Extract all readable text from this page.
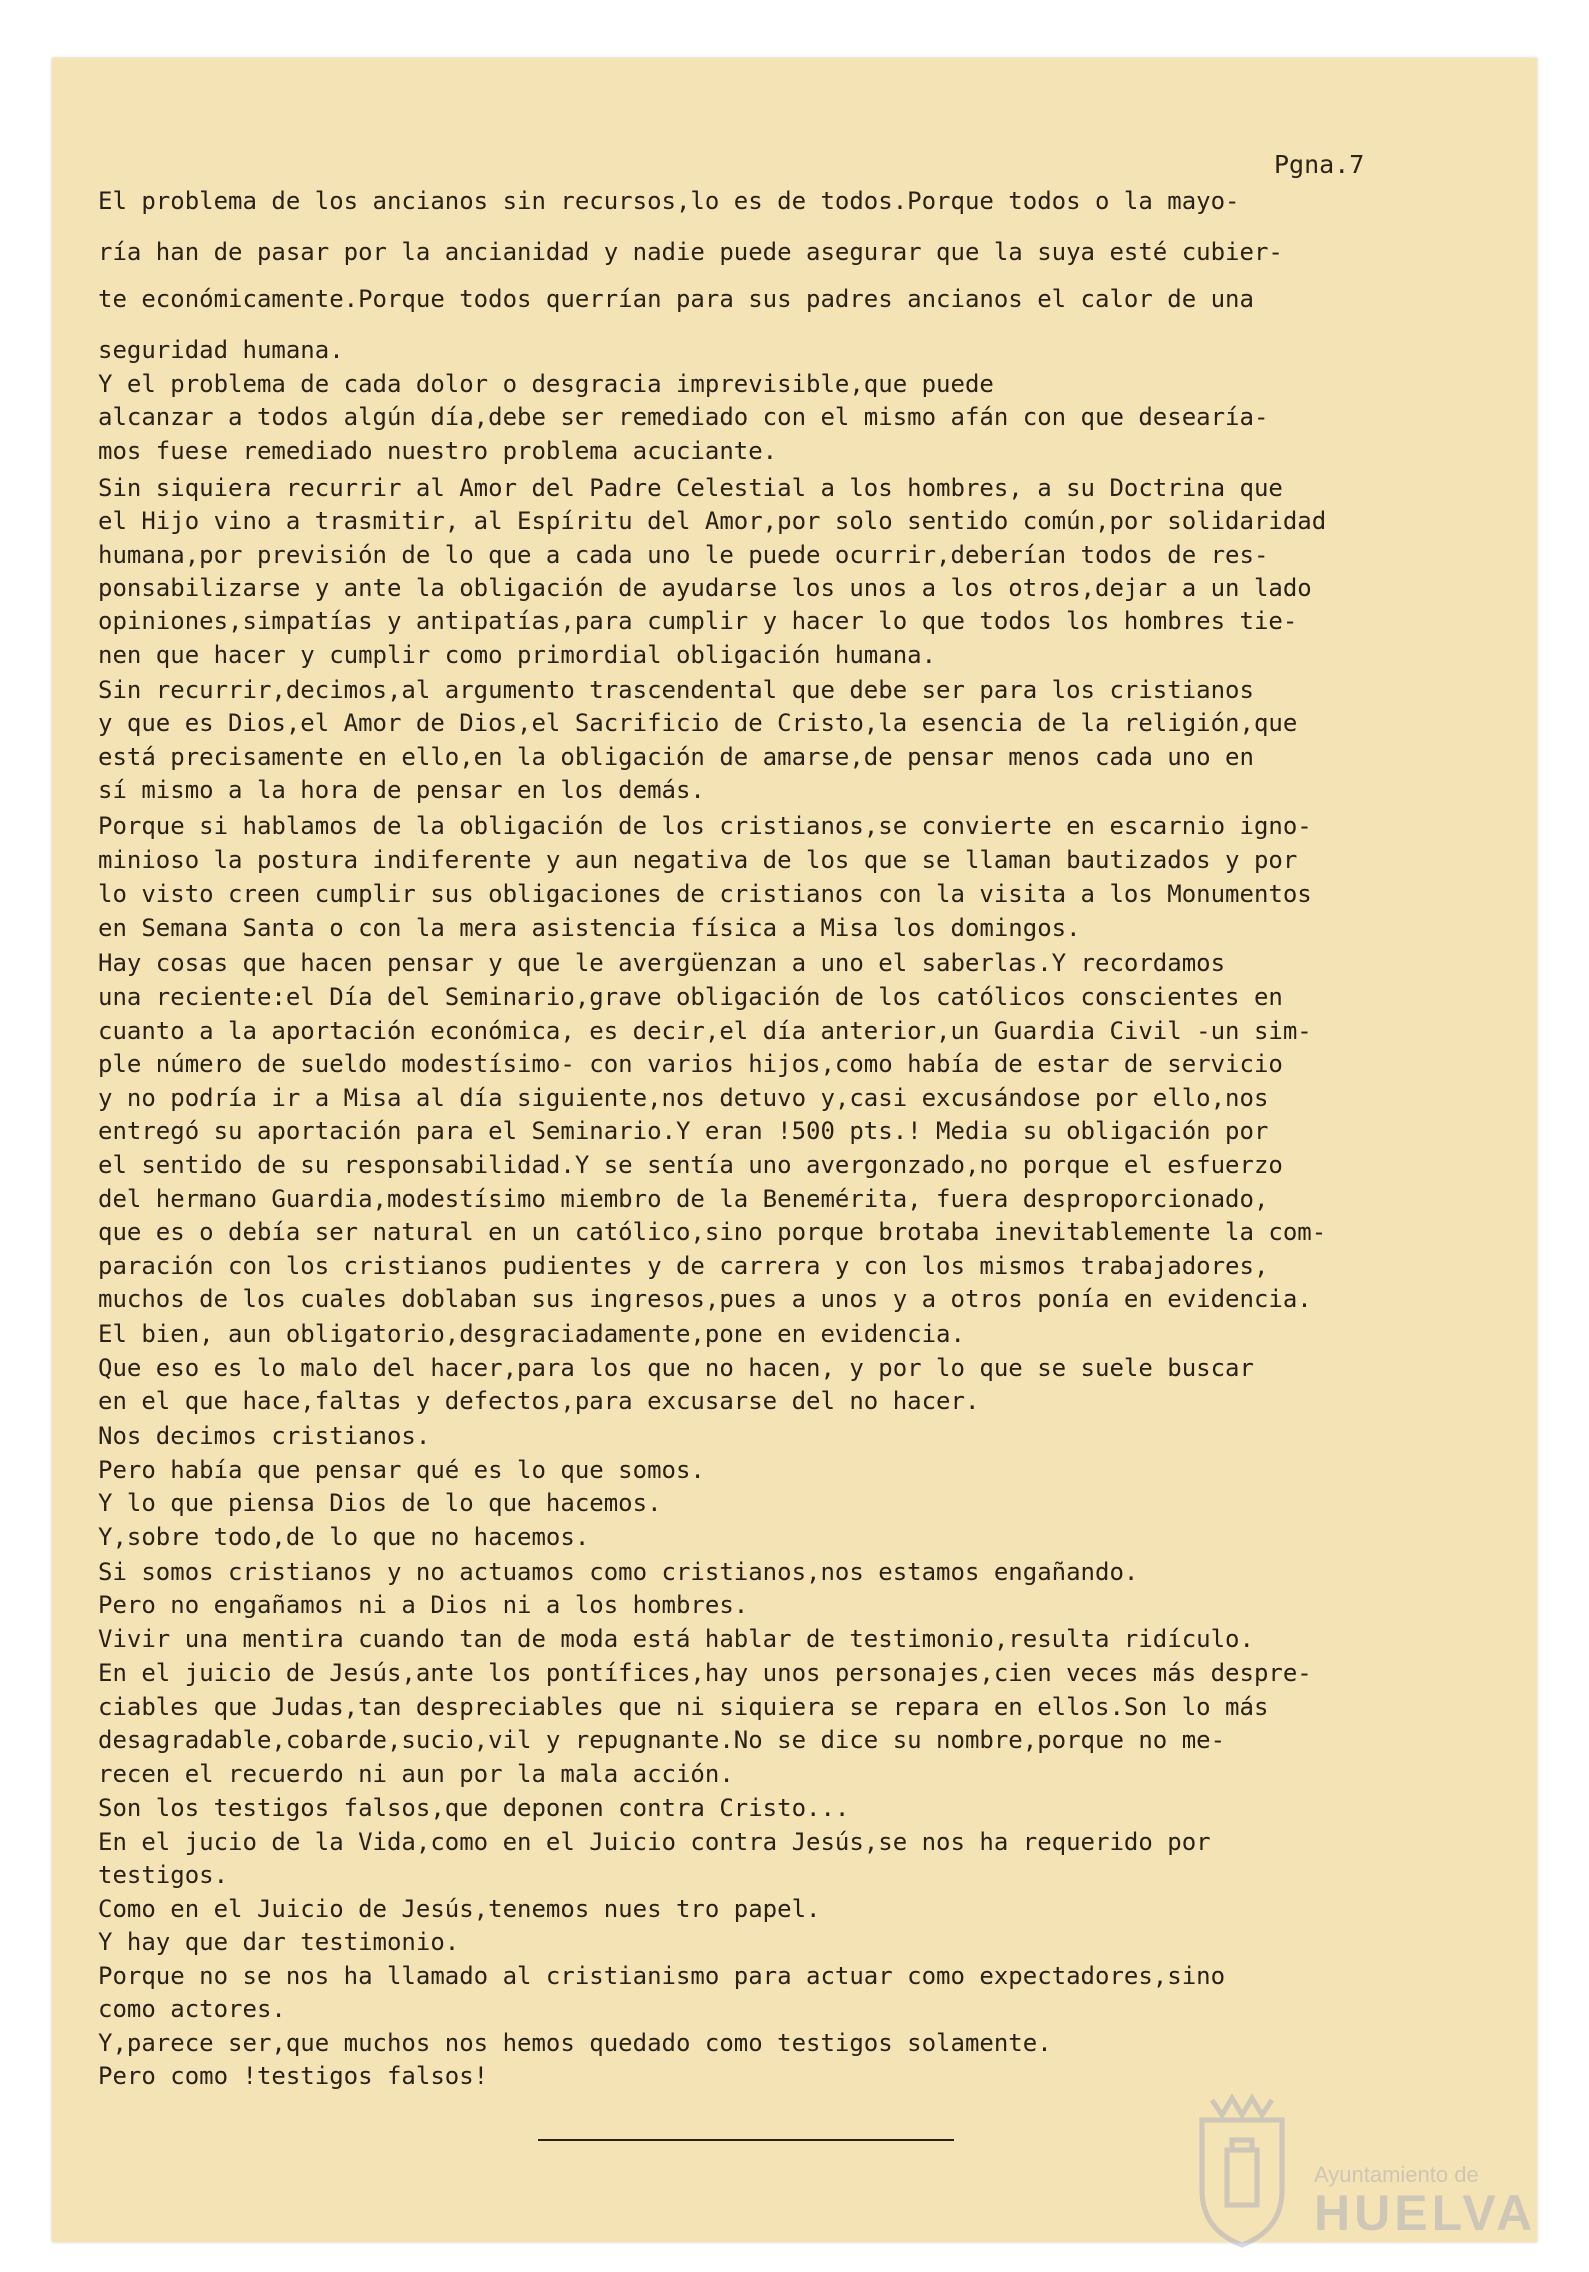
Pgna.7
El problema de los ancianos sin recursos,lo es de todos.Porque todos o la mayo-
ría han de pasar por la ancianidad y nadie puede asegurar que la suya esté cubier-
te económicamente.Porque todos querrían para sus padres ancianos el calor de una
seguridad humana.
Y el problema de cada dolor o desgracia imprevisible,que puede
alcanzar a todos algún día,debe ser remediado con el mismo afán con que desearía-
mos fuese remediado nuestro problema acuciante.
Sin siquiera recurrir al Amor del Padre Celestial a los hombres, a su Doctrina que
el Hijo vino a trasmitir, al Espíritu del Amor,por solo sentido común,por solidaridad
humana,por previsión de lo que a cada uno le puede ocurrir,deberían todos de res-
ponsabilizarse y ante la obligación de ayudarse los unos a los otros,dejar a un lado
opiniones,simpatías y antipatías,para cumplir y hacer lo que todos los hombres tie-
nen que hacer y cumplir como primordial obligación humana.
Sin recurrir,decimos,al argumento trascendental que debe ser para los cristianos
y que es Dios,el Amor de Dios,el Sacrificio de Cristo,la esencia de la religión,que
está precisamente en ello,en la obligación de amarse,de pensar menos cada uno en
sí mismo a la hora de pensar en los demás.
Porque si hablamos de la obligación de los cristianos,se convierte en escarnio igno-
minioso la postura indiferente y aun negativa de los que se llaman bautizados y por
lo visto creen cumplir sus obligaciones de cristianos con la visita a los Monumentos
en Semana Santa o con la mera asistencia física a Misa los domingos.
Hay cosas que hacen pensar y que le avergüenzan a uno el saberlas.Y recordamos
una reciente:el Día del Seminario,grave obligación de los católicos conscientes en
cuanto a la aportación económica, es decir,el día anterior,un Guardia Civil -un sim-
ple número de sueldo modestísimo- con varios hijos,como había de estar de servicio
y no podría ir a Misa al día siguiente,nos detuvo y,casi excusándose por ello,nos
entregó su aportación para el Seminario.Y eran !500 pts.! Media su obligación por
el sentido de su responsabilidad.Y se sentía uno avergonzado,no porque el esfuerzo
del hermano Guardia,modestísimo miembro de la Benemérita, fuera desproporcionado,
que es o debía ser natural en un católico,sino porque brotaba inevitablemente la com-
paración con los cristianos pudientes y de carrera y con los mismos trabajadores,
muchos de los cuales doblaban sus ingresos,pues a unos y a otros ponía en evidencia.
El bien, aun obligatorio,desgraciadamente,pone en evidencia.
Que eso es lo malo del hacer,para los que no hacen, y por lo que se suele buscar
en el que hace,faltas y defectos,para excusarse del no hacer.
Nos decimos cristianos.
Pero había que pensar qué es lo que somos.
Y lo que piensa Dios de lo que hacemos.
Y,sobre todo,de lo que no hacemos.
Si somos cristianos y no actuamos como cristianos,nos estamos engañando.
Pero no engañamos ni a Dios ni a los hombres.
Vivir una mentira cuando tan de moda está hablar de testimonio,resulta ridículo.
En el juicio de Jesús,ante los pontífices,hay unos personajes,cien veces más despre-
ciables que Judas,tan despreciables que ni siquiera se repara en ellos.Son lo más
desagradable,cobarde,sucio,vil y repugnante.No se dice su nombre,porque no me-
recen el recuerdo ni aun por la mala acción.
Son los testigos falsos,que deponen contra Cristo...
En el jucio de la Vida,como en el Juicio contra Jesús,se nos ha requerido por
testigos.
Como en el Juicio de Jesús,tenemos nues tro papel.
Y hay que dar testimonio.
Porque no se nos ha llamado al cristianismo para actuar como expectadores,sino
como actores.
Y,parece ser,que muchos nos hemos quedado como testigos solamente.
Pero como !testigos falsos!
Ayuntamiento de
HUELVA
